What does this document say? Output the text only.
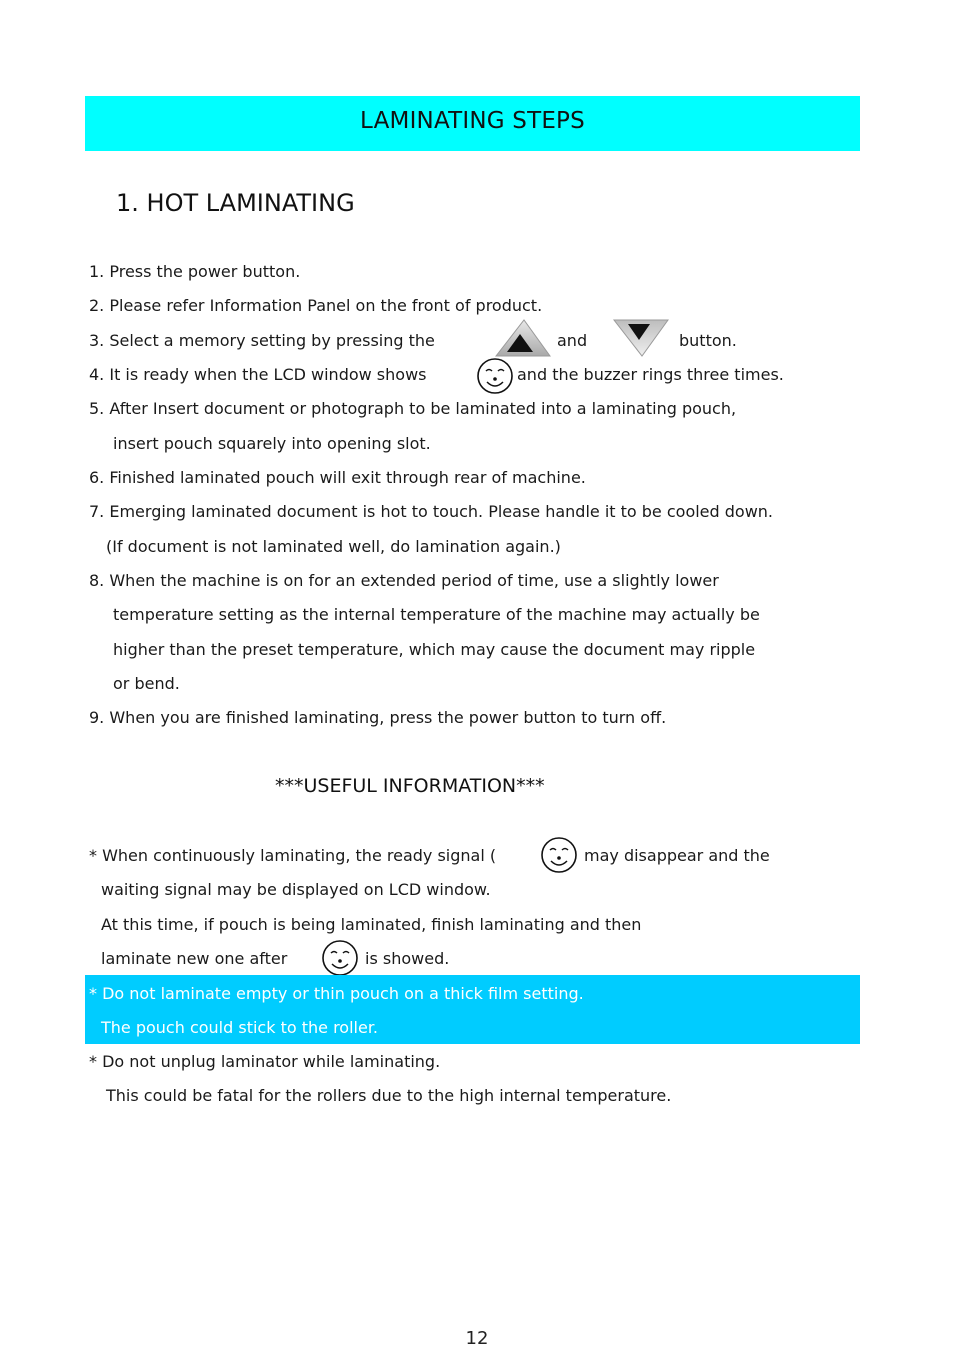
LAMINATING STEPS
1. HOT LAMINATING
1. Press the power button.
2. Please refer Information Panel on the front of product.
3. Select a memory setting by pressing the	and	button.
4. It is ready when the LCD window shows	and the buzzer rings three times.
5. After Insert document or photograph to be laminated into a laminating pouch,
insert pouch squarely into opening slot.
6. Finished laminated pouch will exit through rear of machine.
7. Emerging laminated document is hot to touch. Please handle it to be cooled down.
(If document is not laminated well, do lamination again.)
8. When the machine is on for an extended period of time, use a slightly lower
temperature setting as the internal temperature of the machine may actually be
higher than the preset temperature, which may cause the document may ripple
or bend.
9. When you are finished laminating, press the power button to turn off.
***USEFUL INFORMATION***
* When continuously laminating, the ready signal (	may disappear and the
waiting signal may be displayed on LCD window.
At this time, if pouch is being laminated, finish laminating and then
laminate new one after	is showed.
* Do not laminate empty or thin pouch on a thick film setting.
The pouch could stick to the roller.
* Do not unplug laminator while laminating.
This could be fatal for the rollers due to the high internal temperature.
12
